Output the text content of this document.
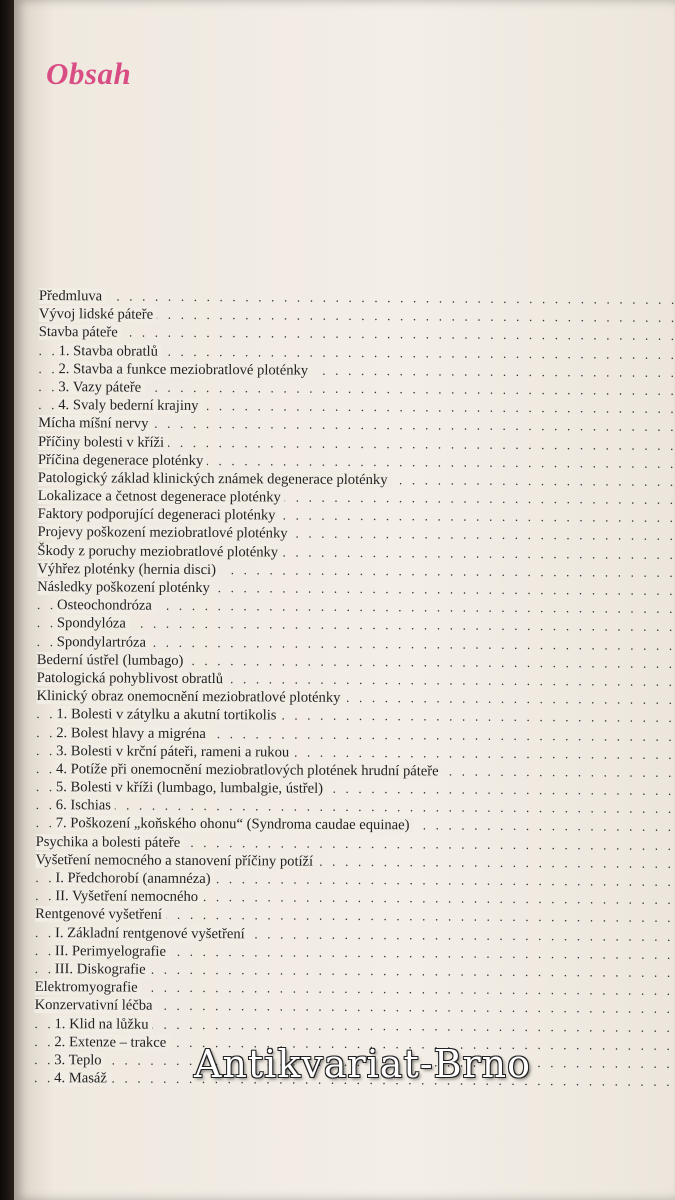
Obsah
. . .
Předmluva
. . .
Vývoj lidské páteře
. . .
Stavba páteře
. . .
1. Stavba obratlů
. . .
2. Stavba a funkce meziobratlové ploténky
. . .
3. Vazy páteře
. . .
4. Svaly bederní krajiny
. . .
Mícha míšní nervy
. . .
Příčiny bolesti v kříži
. . .
Příčina degenerace ploténky
. . .
Patologický základ klinických známek degenerace ploténky
. . .
Lokalizace a četnost degenerace ploténky
. . .
Faktory podporující degeneraci ploténky
. . .
Projevy poškození meziobratlové ploténky
. . .
Škody z poruchy meziobratlové ploténky
. . .
Výhřez ploténky (hernia disci)
. . .
Následky poškození ploténky
. . .
Osteochondróza
. . .
Spondylóza
. . .
Spondylartróza
. . .
Bederní ústřel (lumbago)
. . .
Patologická pohyblivost obratlů
. . .
Klinický obraz onemocnění meziobratlové ploténky
. . .
1. Bolesti v zátylku a akutní tortikolis
. . .
2. Bolest hlavy a migréna
. . .
3. Bolesti v krční páteři, rameni a rukou
. . .
4. Potíže při onemocnění meziobratlových plotének hrudní páteře
. . .
5. Bolesti v kříži (lumbago, lumbalgie, ústřel)
. . .
6. Ischias
. . .
7. Poškození „koňského ohonu“ (Syndroma caudae equinae)
. . .
Psychika a bolesti páteře
. . .
Vyšetření nemocného a stanovení příčiny potíží
. . .
I. Předchorobí (anamnéza)
. . .
II. Vyšetření nemocného
. . .
Rentgenové vyšetření
. . .
I. Základní rentgenové vyšetření
. . .
II. Perimyelografie
. . .
III. Diskografie
. . .
Elektromyografie
. . .
Konzervativní léčba
. . .
1. Klid na lůžku
. . .
2. Extenze – trakce
. . .
3. Teplo
. . .
4. Masáž	Antikvariat-Brno
